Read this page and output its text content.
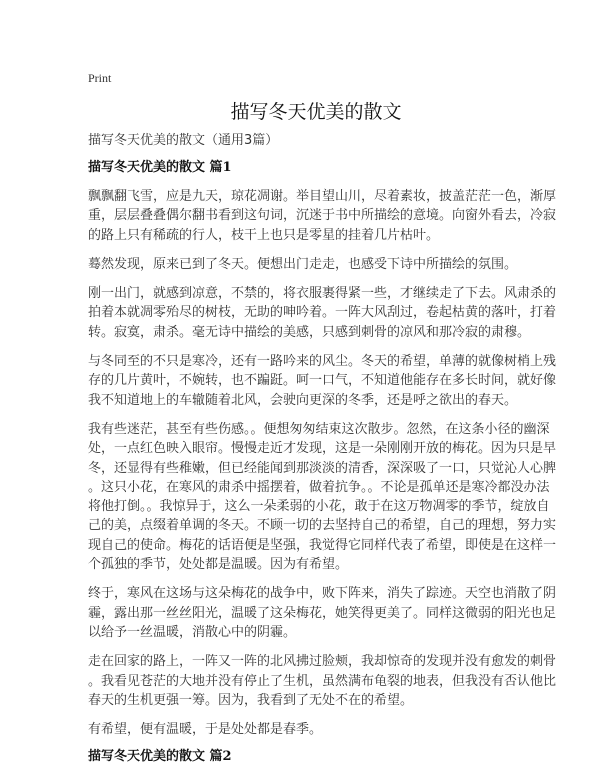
Print
描写冬天优美的散文
描写冬天优美的散文（通用3篇）
描写冬天优美的散文 篇1
飘飘翻飞雪，应是九天，琼花凋谢。举目望山川，尽着素妆，披盖茫茫一色，渐厚
重，层层叠叠偶尔翻书看到这句词，沉迷于书中所描绘的意境。向窗外看去，冷寂
的路上只有稀疏的行人，枝干上也只是零星的挂着几片枯叶。
蓦然发现，原来已到了冬天。便想出门走走，也感受下诗中所描绘的氛围。
刚一出门，就感到凉意，不禁的，将衣服裹得紧一些，才继续走了下去。风肃杀的
拍着本就凋零殆尽的树枝，无助的呻吟着。一阵大风刮过，卷起枯黄的落叶，打着
转。寂寞，肃杀。毫无诗中描绘的美感，只感到刺骨的凉风和那冷寂的肃穆。
与冬同至的不只是寒冷，还有一路吟来的风尘。冬天的希望，单薄的就像树梢上残
存的几片黄叶，不婉转，也不蹁跹。呵一口气，不知道他能存在多长时间，就好像
我不知道地上的车辙随着北风，会驶向更深的冬季，还是呼之欲出的春天。
我有些迷茫，甚至有些伤感。。便想匆匆结束这次散步。忽然，在这条小径的幽深
处，一点红色映入眼帘。慢慢走近才发现，这是一朵刚刚开放的梅花。因为只是早
冬，还显得有些稚嫩，但已经能闻到那淡淡的清香，深深吸了一口，只觉沁人心脾
。这只小花，在寒风的肃杀中摇摆着，做着抗争。。不论是孤单还是寒冷都没办法
将他打倒。。我惊异于，这么一朵柔弱的小花，敢于在这万物凋零的季节，绽放自
己的美，点缀着单调的冬天。不顾一切的去坚持自己的希望，自己的理想，努力实
现自己的使命。梅花的话语便是坚强，我觉得它同样代表了希望，即使是在这样一
个孤独的季节，处处都是温暖。因为有希望。
终于，寒风在这场与这朵梅花的战争中，败下阵来，消失了踪迹。天空也消散了阴
霾，露出那一丝丝阳光，温暖了这朵梅花，她笑得更美了。同样这微弱的阳光也足
以给予一丝温暖，消散心中的阴霾。
走在回家的路上，一阵又一阵的北风拂过脸颊，我却惊奇的发现并没有愈发的刺骨
。我看见苍茫的大地并没有停止了生机，虽然满布龟裂的地表，但我没有否认他比
春天的生机更强一筹。因为，我看到了无处不在的希望。
有希望，便有温暖，于是处处都是春季。
描写冬天优美的散文 篇2
